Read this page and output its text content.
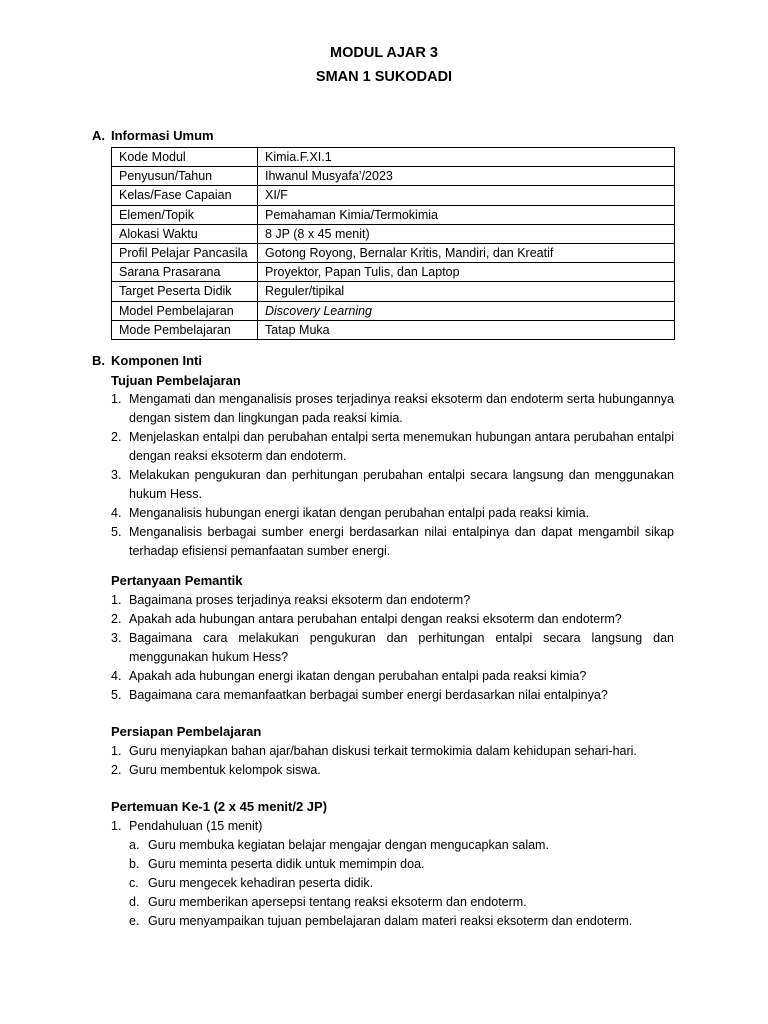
MODUL AJAR 3
SMAN 1 SUKODADI
A. Informasi Umum
Kode Modul	Kimia.F.XI.1
Penyusun/Tahun	Ihwanul Musyafa’/2023
Kelas/Fase Capaian	XI/F
Elemen/Topik	Pemahaman Kimia/Termokimia
Alokasi Waktu	8 JP (8 x 45 menit)
Profil Pelajar Pancasila	Gotong Royong, Bernalar Kritis, Mandiri, dan Kreatif
Sarana Prasarana	Proyektor, Papan Tulis, dan Laptop
Target Peserta Didik	Reguler/tipikal
Model Pembelajaran	Discovery Learning
Mode Pembelajaran	Tatap Muka
B. Komponen Inti
Tujuan Pembelajaran
1. Mengamati dan menganalisis proses terjadinya reaksi eksoterm dan endoterm serta hubungannya dengan sistem dan lingkungan pada reaksi kimia.
2. Menjelaskan entalpi dan perubahan entalpi serta menemukan hubungan antara perubahan entalpi dengan reaksi eksoterm dan endoterm.
3. Melakukan pengukuran dan perhitungan perubahan entalpi secara langsung dan menggunakan hukum Hess.
4. Menganalisis hubungan energi ikatan dengan perubahan entalpi pada reaksi kimia.
5. Menganalisis berbagai sumber energi berdasarkan nilai entalpinya dan dapat mengambil sikap terhadap efisiensi pemanfaatan sumber energi.
Pertanyaan Pemantik
1. Bagaimana proses terjadinya reaksi eksoterm dan endoterm?
2. Apakah ada hubungan antara perubahan entalpi dengan reaksi eksoterm dan endoterm?
3. Bagaimana cara melakukan pengukuran dan perhitungan entalpi secara langsung dan menggunakan hukum Hess?
4. Apakah ada hubungan energi ikatan dengan perubahan entalpi pada reaksi kimia?
5. Bagaimana cara memanfaatkan berbagai sumber energi berdasarkan nilai entalpinya?
Persiapan Pembelajaran
1. Guru menyiapkan bahan ajar/bahan diskusi terkait termokimia dalam kehidupan sehari-hari.
2. Guru membentuk kelompok siswa.
Pertemuan Ke-1 (2 x 45 menit/2 JP)
1. Pendahuluan (15 menit)
a. Guru membuka kegiatan belajar mengajar dengan mengucapkan salam.
b. Guru meminta peserta didik untuk memimpin doa.
c. Guru mengecek kehadiran peserta didik.
d. Guru memberikan apersepsi tentang reaksi eksoterm dan endoterm.
e. Guru menyampaikan tujuan pembelajaran dalam materi reaksi eksoterm dan endoterm.
